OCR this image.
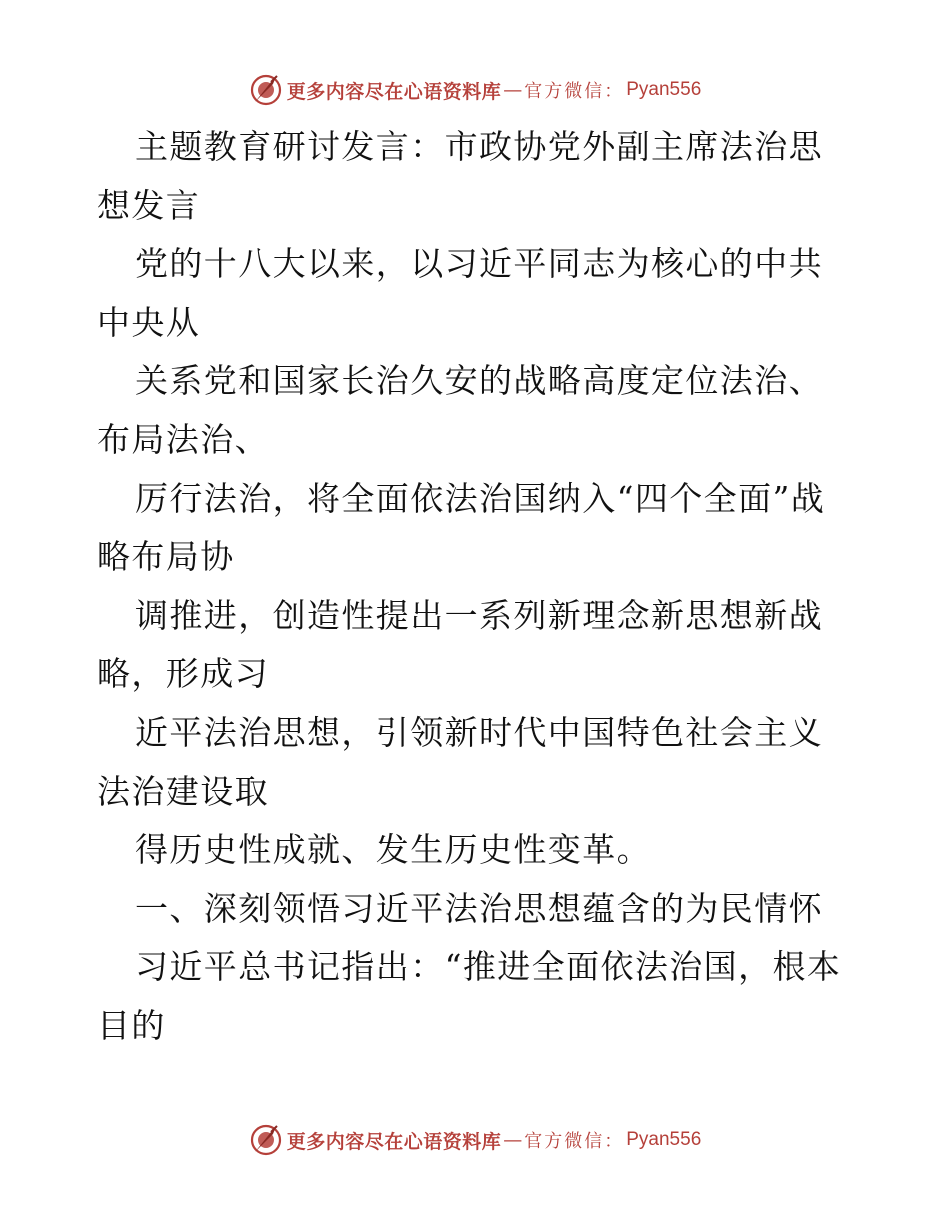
更多内容尽在心语资料库 — 官方微信： Pyan556

主题教育研讨发言：市政协党外副主席法治思想发言

党的十八大以来，以习近平同志为核心的中共中央从

关系党和国家长治久安的战略高度定位法治、布局法治、

厉行法治，将全面依法治国纳入“四个全面”战略布局协

调推进，创造性提出一系列新理念新思想新战略，形成习

近平法治思想，引领新时代中国特色社会主义法治建设取

得历史性成就、发生历史性变革。

一、深刻领悟习近平法治思想蕴含的为民情怀

习近平总书记指出：“推进全面依法治国，根本目的

更多内容尽在心语资料库 — 官方微信： Pyan556
